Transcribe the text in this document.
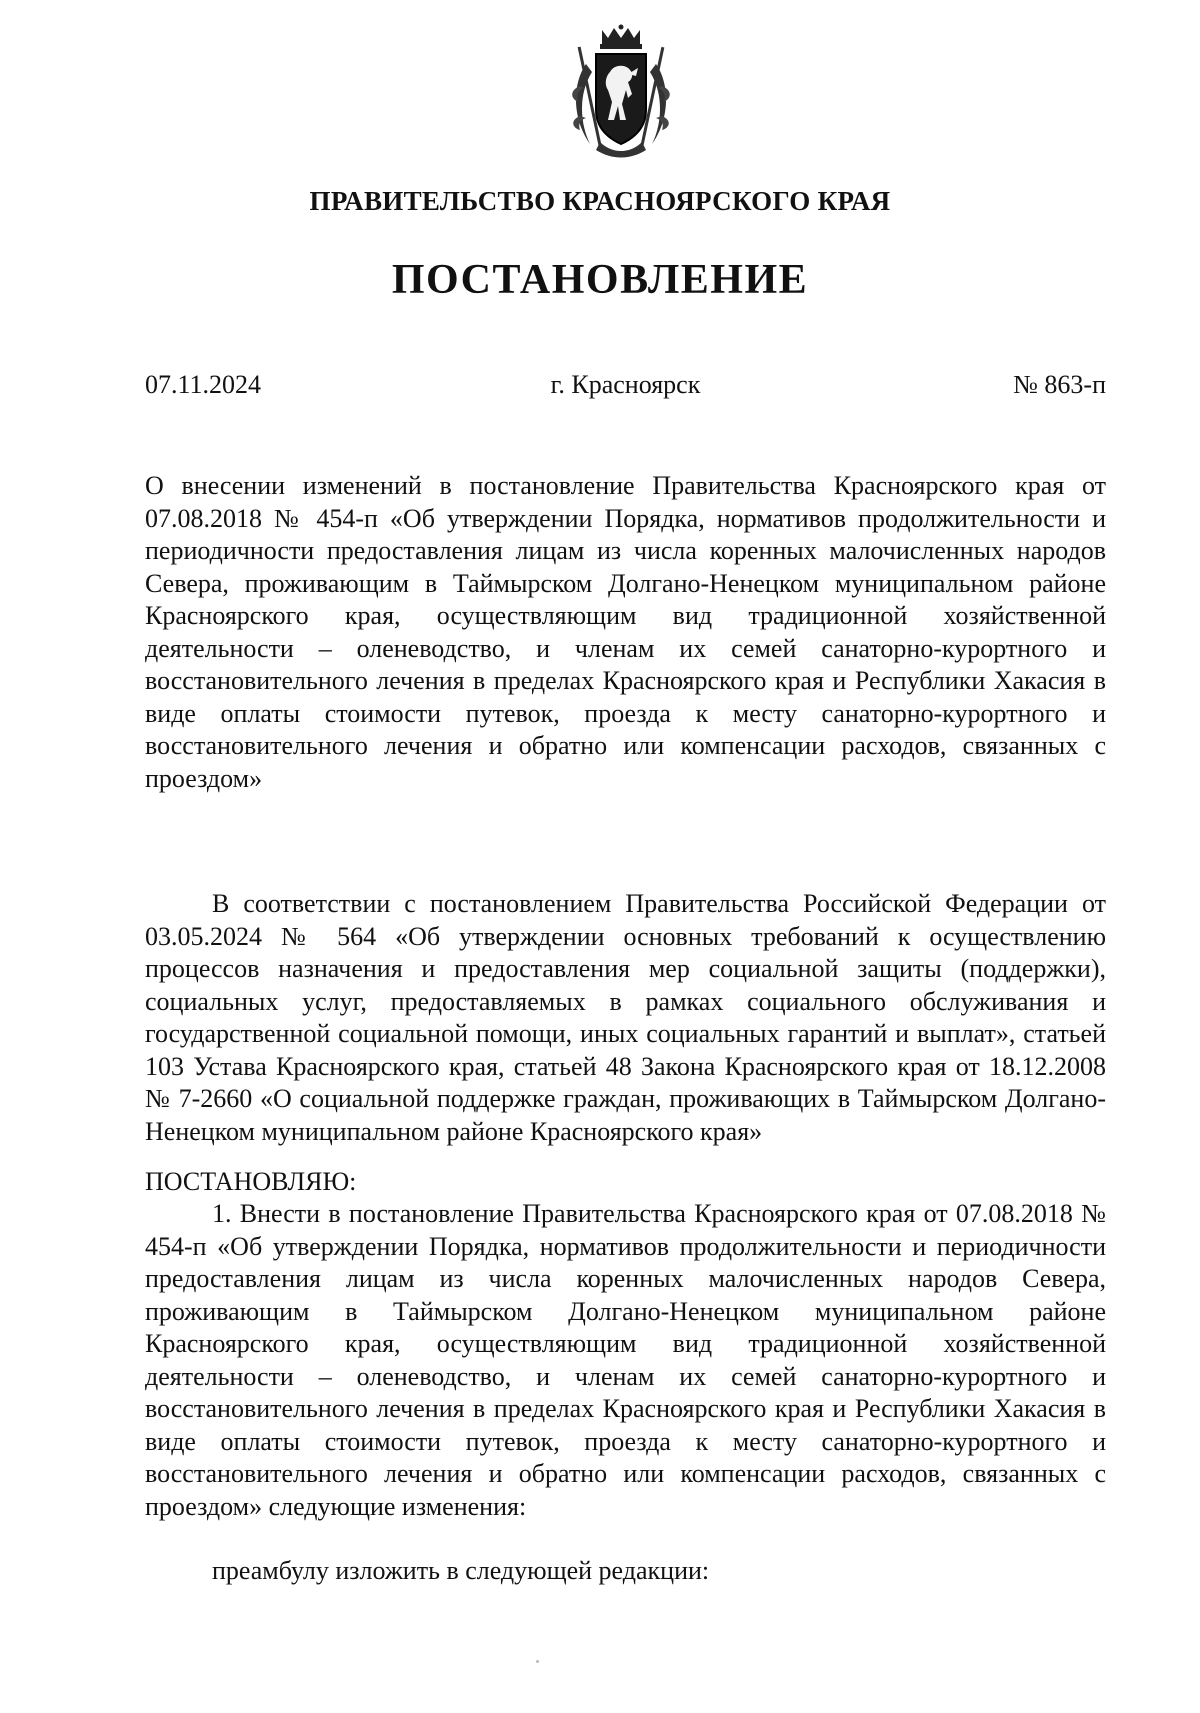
ПРАВИТЕЛЬСТВО КРАСНОЯРСКОГО КРАЯ
ПОСТАНОВЛЕНИЕ
07.11.2024	г. Красноярск	№ 863-п

О внесении изменений в постановление Правительства Красноярского края от 07.08.2018 № 454-п «Об утверждении Порядка, нормативов продолжительности и периодичности предоставления лицам из числа коренных малочисленных народов Севера, проживающим в Таймырском Долгано-Ненецком муниципальном районе Красноярского края, осуществляющим вид традиционной хозяйственной деятельности – оленеводство, и членам их семей санаторно-курортного и восстановительного лечения в пределах Красноярского края и Республики Хакасия в виде оплаты стоимости путевок, проезда к месту санаторно-курортного и восстановительного лечения и обратно или компенсации расходов, связанных с проездом»

В соответствии с постановлением Правительства Российской Федерации от 03.05.2024 № 564 «Об утверждении основных требований к осуществлению процессов назначения и предоставления мер социальной защиты (поддержки), социальных услуг, предоставляемых в рамках социального обслуживания и государственной социальной помощи, иных социальных гарантий и выплат», статьей 103 Устава Красноярского края, статьей 48 Закона Красноярского края от 18.12.2008 № 7-2660 «О социальной поддержке граждан, проживающих в Таймырском Долгано-Ненецком муниципальном районе Красноярского края»

ПОСТАНОВЛЯЮ:

1. Внести в постановление Правительства Красноярского края от 07.08.2018 № 454-п «Об утверждении Порядка, нормативов продолжительности и периодичности предоставления лицам из числа коренных малочисленных народов Севера, проживающим в Таймырском Долгано-Ненецком муниципальном районе Красноярского края, осуществляющим вид традиционной хозяйственной деятельности – оленеводство, и членам их семей санаторно-курортного и восстановительного лечения в пределах Красноярского края и Республики Хакасия в виде оплаты стоимости путевок, проезда к месту санаторно-курортного и восстановительного лечения и обратно или компенсации расходов, связанных с проездом» следующие изменения:

преамбулу изложить в следующей редакции:
